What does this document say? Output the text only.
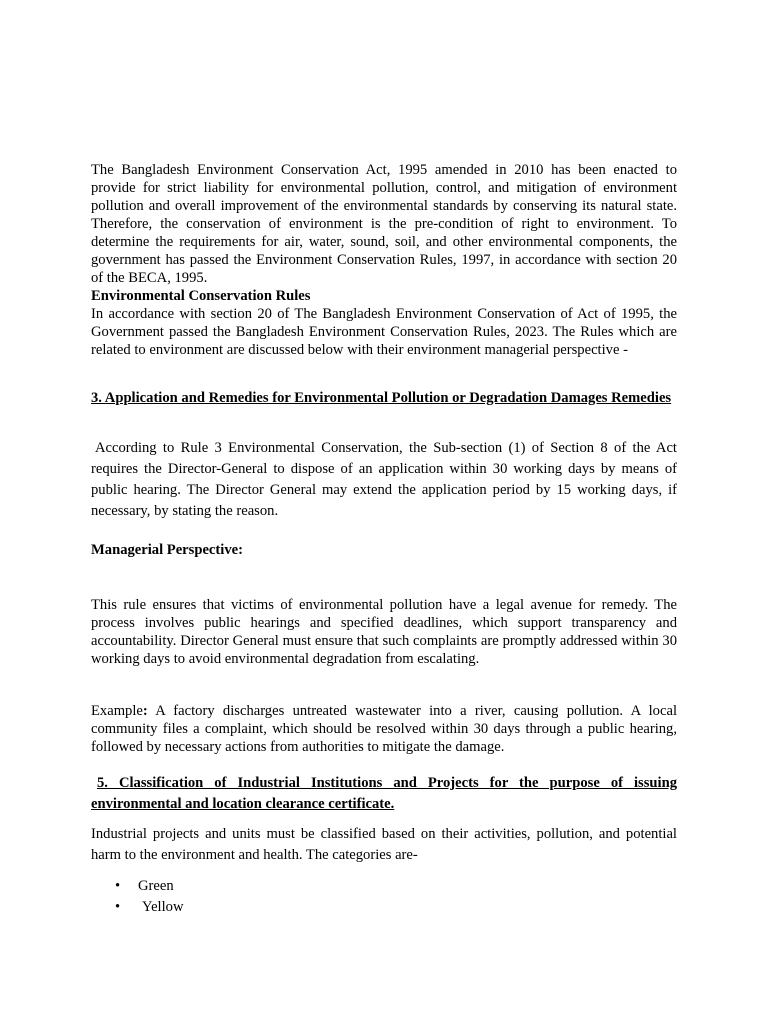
The Bangladesh Environment Conservation Act, 1995 amended in 2010 has been enacted to provide for strict liability for environmental pollution, control, and mitigation of environment pollution and overall improvement of the environmental standards by conserving its natural state. Therefore, the conservation of environment is the pre-condition of right to environment. To determine the requirements for air, water, sound, soil, and other environmental components, the government has passed the Environment Conservation Rules, 1997, in accordance with section 20 of the BECA, 1995.

Environmental Conservation Rules

In accordance with section 20 of The Bangladesh Environment Conservation of Act of 1995, the Government passed the Bangladesh Environment Conservation Rules, 2023. The Rules which are related to environment are discussed below with their environment managerial perspective -

3. Application and Remedies for Environmental Pollution or Degradation Damages Remedies

According to Rule 3 Environmental Conservation, the Sub-section (1) of Section 8 of the Act requires the Director-General to dispose of an application within 30 working days by means of public hearing. The Director General may extend the application period by 15 working days, if necessary, by stating the reason.

Managerial Perspective:

This rule ensures that victims of environmental pollution have a legal avenue for remedy. The process involves public hearings and specified deadlines, which support transparency and accountability. Director General must ensure that such complaints are promptly addressed within 30 working days to avoid environmental degradation from escalating.

Example: A factory discharges untreated wastewater into a river, causing pollution. A local community files a complaint, which should be resolved within 30 days through a public hearing, followed by necessary actions from authorities to mitigate the damage.

5. Classification of Industrial Institutions and Projects for the purpose of issuing environmental and location clearance certificate.

Industrial projects and units must be classified based on their activities, pollution, and potential harm to the environment and health. The categories are-

• Green
• Yellow
